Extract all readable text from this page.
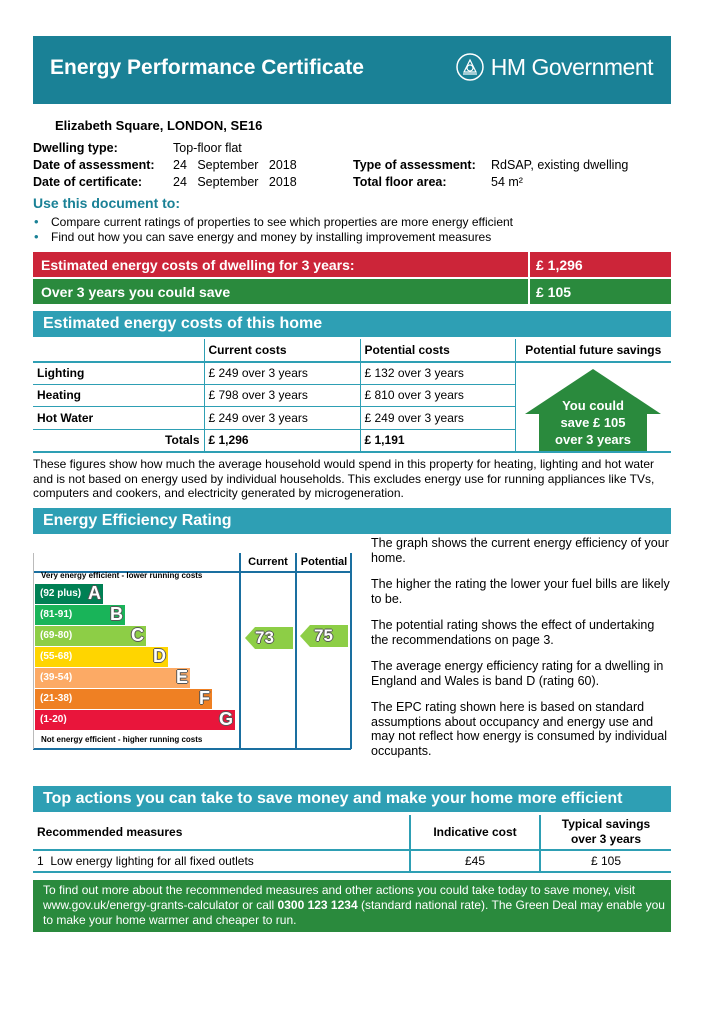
Energy Performance Certificate	HM Government
Elizabeth Square, LONDON, SE16
Dwelling type:	Top-floor flat
Date of assessment: 24   September   2018
Date of certificate: 24   September   2018
Type of assessment: RdSAP, existing dwelling
Total floor area:	54 m²
Use this document to:
• Compare current ratings of properties to see which properties are more energy efficient
• Find out how you can save energy and money by installing improvement measures
Estimated energy costs of dwelling for 3 years:	£ 1,296
Over 3 years you could save	£ 105
Estimated energy costs of this home
	Current costs	Potential costs	Potential future savings
Lighting	£ 249 over 3 years	£ 132 over 3 years	
Heating	£ 798 over 3 years	£ 810 over 3 years	
Hot Water	£ 249 over 3 years	£ 249 over 3 years	
Totals	£ 1,296	£ 1,191	
You could
save £ 105
over 3 years
These figures show how much the average household would spend in this property for heating, lighting and hot water and is not based on energy used by individual households. This excludes energy use for running appliances like TVs, computers and cookers, and electricity generated by microgeneration.
Energy Efficiency Rating
Current	Potential
Very energy efficient - lower running costs
Not energy efficient - higher running costs
(92 plus) A
(81-91) B
(69-80)	C
(55-68)	D
(39-54)	E
(21-38)	F
(1-20)	G
73 75
The graph shows the current energy efficiency of your home.
The higher the rating the lower your fuel bills are likely to be.
The potential rating shows the effect of undertaking the recommendations on page 3.
The average energy efficiency rating for a dwelling in England and Wales is band D (rating 60).
The EPC rating shown here is based on standard assumptions about occupancy and energy use and may not reflect how energy is consumed by individual occupants.
Top actions you can take to save money and make your home more efficient
Recommended measures	Indicative cost	Typical savings
over 3 years

1 Low energy lighting for all fixed outlets	£45	£ 105
To find out more about the recommended measures and other actions you could take today to save money, visit www.gov.uk/energy-grants-calculator or call 0300 123 1234 (standard national rate). The Green Deal may enable you to make your home warmer and cheaper to run.
